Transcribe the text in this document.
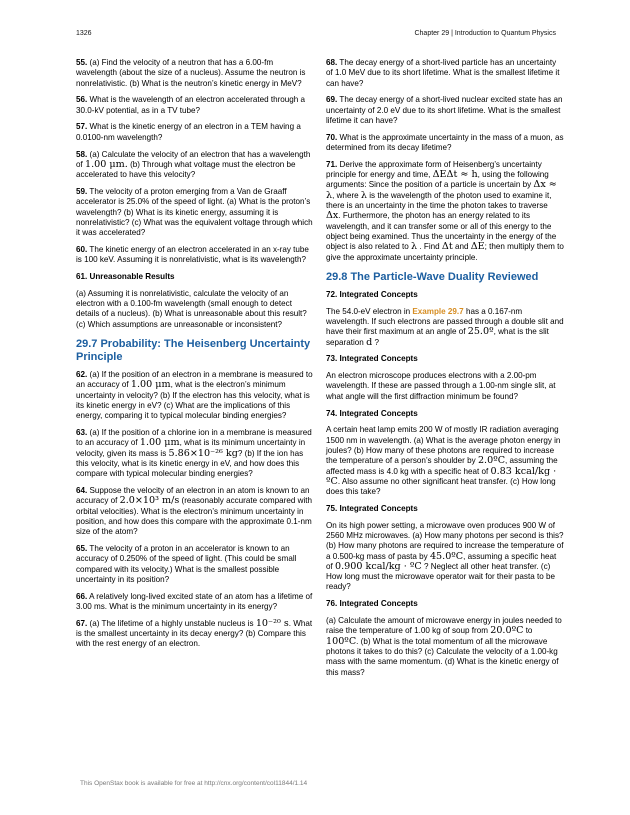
1326	Chapter 29 | Introduction to Quantum Physics

55. (a) Find the velocity of a neutron that has a 6.00-fm wavelength (about the size of a nucleus). Assume the neutron is nonrelativistic. (b) What is the neutron’s kinetic energy in MeV?

56. What is the wavelength of an electron accelerated through a 30.0-kV potential, as in a TV tube?

57. What is the kinetic energy of an electron in a TEM having a 0.0100-nm wavelength?

58. (a) Calculate the velocity of an electron that has a wavelength of 1.00 μm. (b) Through what voltage must the electron be accelerated to have this velocity?

59. The velocity of a proton emerging from a Van de Graaff accelerator is 25.0% of the speed of light. (a) What is the proton’s wavelength? (b) What is its kinetic energy, assuming it is nonrelativistic? (c) What was the equivalent voltage through which it was accelerated?

60. The kinetic energy of an electron accelerated in an x-ray tube is 100 keV. Assuming it is nonrelativistic, what is its wavelength?

61. Unreasonable Results

(a) Assuming it is nonrelativistic, calculate the velocity of an electron with a 0.100-fm wavelength (small enough to detect details of a nucleus). (b) What is unreasonable about this result? (c) Which assumptions are unreasonable or inconsistent?

29.7 Probability: The Heisenberg Uncertainty Principle

62. (a) If the position of an electron in a membrane is measured to an accuracy of 1.00 μm, what is the electron’s minimum uncertainty in velocity? (b) If the electron has this velocity, what is its kinetic energy in eV? (c) What are the implications of this energy, comparing it to typical molecular binding energies?

63. (a) If the position of a chlorine ion in a membrane is measured to an accuracy of 1.00 μm, what is its minimum uncertainty in velocity, given its mass is 5.86×10⁻²⁶ kg? (b) If the ion has this velocity, what is its kinetic energy in eV, and how does this compare with typical molecular binding energies?

64. Suppose the velocity of an electron in an atom is known to an accuracy of 2.0×10³ m/s (reasonably accurate compared with orbital velocities). What is the electron’s minimum uncertainty in position, and how does this compare with the approximate 0.1-nm size of the atom?

65. The velocity of a proton in an accelerator is known to an accuracy of 0.250% of the speed of light. (This could be small compared with its velocity.) What is the smallest possible uncertainty in its position?

66. A relatively long-lived excited state of an atom has a lifetime of 3.00 ms. What is the minimum uncertainty in its energy?

67. (a) The lifetime of a highly unstable nucleus is 10⁻²⁰ s. What is the smallest uncertainty in its decay energy? (b) Compare this with the rest energy of an electron.

68. The decay energy of a short-lived particle has an uncertainty of 1.0 MeV due to its short lifetime. What is the smallest lifetime it can have?

69. The decay energy of a short-lived nuclear excited state has an uncertainty of 2.0 eV due to its short lifetime. What is the smallest lifetime it can have?

70. What is the approximate uncertainty in the mass of a muon, as determined from its decay lifetime?

71. Derive the approximate form of Heisenberg’s uncertainty principle for energy and time, ΔEΔt ≈ h, using the following arguments: Since the position of a particle is uncertain by Δx ≈ λ, where λ is the wavelength of the photon used to examine it, there is an uncertainty in the time the photon takes to traverse Δx. Furthermore, the photon has an energy related to its wavelength, and it can transfer some or all of this energy to the object being examined. Thus the uncertainty in the energy of the object is also related to λ . Find Δt and ΔE; then multiply them to give the approximate uncertainty principle.

29.8 The Particle-Wave Duality Reviewed

72. Integrated Concepts

The 54.0-eV electron in Example 29.7 has a 0.167-nm wavelength. If such electrons are passed through a double slit and have their first maximum at an angle of 25.0º, what is the slit separation d ?

73. Integrated Concepts

An electron microscope produces electrons with a 2.00-pm wavelength. If these are passed through a 1.00-nm single slit, at what angle will the first diffraction minimum be found?

74. Integrated Concepts

A certain heat lamp emits 200 W of mostly IR radiation averaging 1500 nm in wavelength. (a) What is the average photon energy in joules? (b) How many of these photons are required to increase the temperature of a person’s shoulder by 2.0ºC, assuming the affected mass is 4.0 kg with a specific heat of 0.83 kcal/kg · ºC. Also assume no other significant heat transfer. (c) How long does this take?

75. Integrated Concepts

On its high power setting, a microwave oven produces 900 W of 2560 MHz microwaves. (a) How many photons per second is this? (b) How many photons are required to increase the temperature of a 0.500-kg mass of pasta by 45.0ºC, assuming a specific heat of 0.900 kcal/kg · ºC ? Neglect all other heat transfer. (c) How long must the microwave operator wait for their pasta to be ready?

76. Integrated Concepts

(a) Calculate the amount of microwave energy in joules needed to raise the temperature of 1.00 kg of soup from 20.0ºC to 100ºC. (b) What is the total momentum of all the microwave photons it takes to do this? (c) Calculate the velocity of a 1.00-kg mass with the same momentum. (d) What is the kinetic energy of this mass?

This OpenStax book is available for free at http://cnx.org/content/col11844/1.14
